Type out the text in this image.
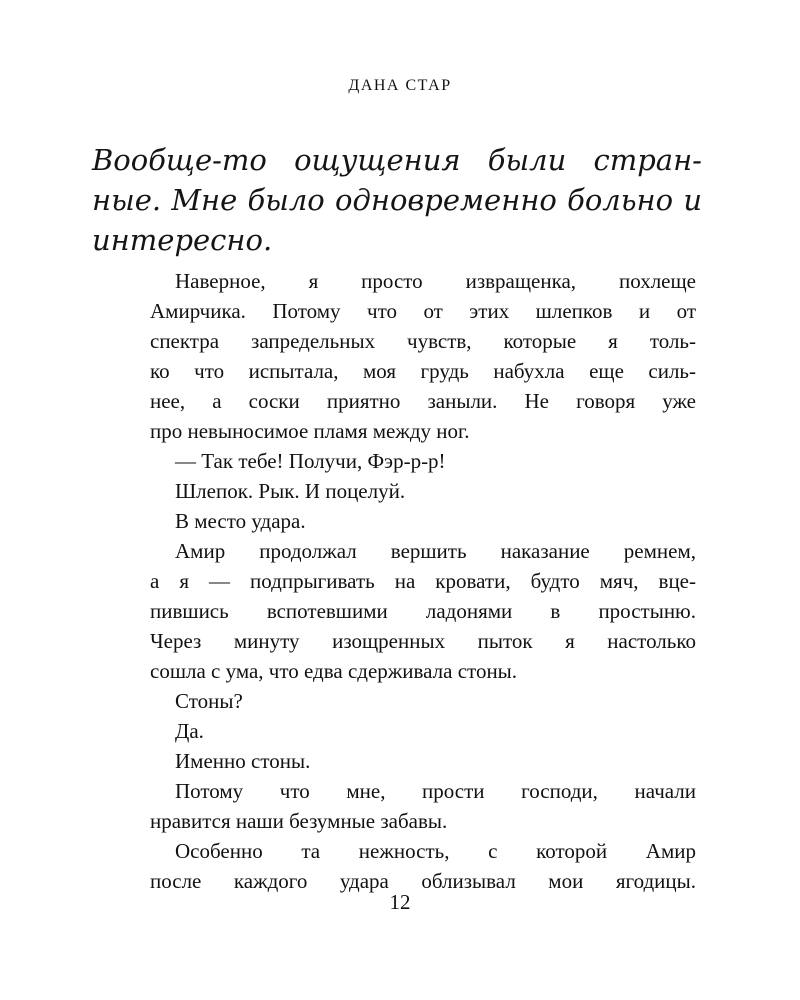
ДАНА СТАР
Вообще-то ощущения были стран-
ные. Мне было одновременно больно и
интересно.
Наверное, я просто извращенка, похлеще
Амирчика. Потому что от этих шлепков и от
спектра запредельных чувств, которые я толь-
ко что испытала, моя грудь набухла еще силь-
нее, а соски приятно заныли. Не говоря уже
про невыносимое пламя между ног.
— Так тебе! Получи, Фэр-р-р!
Шлепок. Рык. И поцелуй.
В место удара.
Амир продолжал вершить наказание ремнем,
а я — подпрыгивать на кровати, будто мяч, вце-
пившись вспотевшими ладонями в простыню.
Через минуту изощренных пыток я настолько
сошла с ума, что едва сдерживала стоны.
Стоны?
Да.
Именно стоны.
Потому что мне, прости господи, начали
нравится наши безумные забавы.
Особенно та нежность, с которой Амир
после каждого удара облизывал мои ягодицы.
12
